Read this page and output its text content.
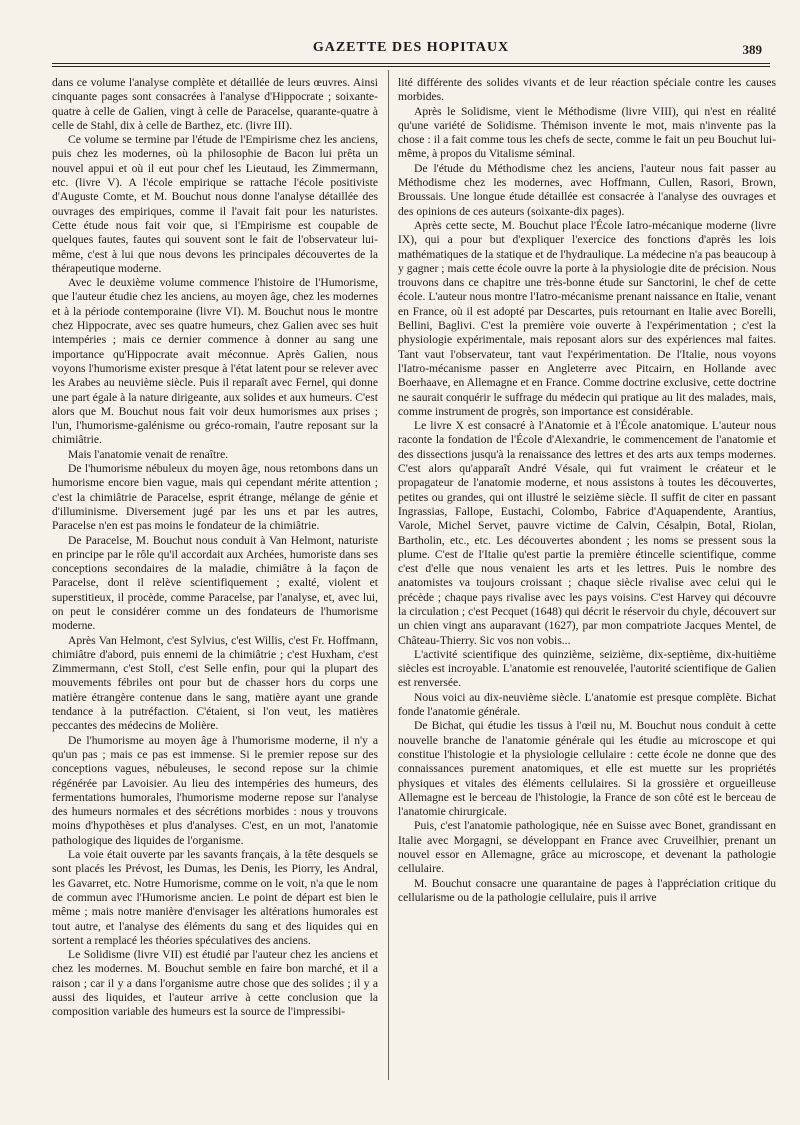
GAZETTE DES HOPITAUX	389

dans ce volume l'analyse complète et détaillée de leurs œuvres. Ainsi cinquante pages sont consacrées à l'analyse d'Hippocrate ; soixante-quatre à celle de Galien, vingt à celle de Paracelse, quarante-quatre à celle de Stahl, dix à celle de Barthez, etc. (livre III).

Ce volume se termine par l'étude de l'Empirisme chez les anciens, puis chez les modernes, où la philosophie de Bacon lui prêta un nouvel appui et où il eut pour chef les Lieutaud, les Zimmermann, etc. (livre V). A l'école empirique se rattache l'école positiviste d'Auguste Comte, et M. Bouchut nous donne l'analyse détaillée des ouvrages des empiriques, comme il l'avait fait pour les naturistes. Cette étude nous fait voir que, si l'Empirisme est coupable de quelques fautes, fautes qui souvent sont le fait de l'observateur lui-même, c'est à lui que nous devons les principales découvertes de la thérapeutique moderne.

Avec le deuxième volume commence l'histoire de l'Humorisme, que l'auteur étudie chez les anciens, au moyen âge, chez les modernes et à la période contemporaine (livre VI). M. Bouchut nous le montre chez Hippocrate, avec ses quatre humeurs, chez Galien avec ses huit intempéries ; mais ce dernier commence à donner au sang une importance qu'Hippocrate avait méconnue. Après Galien, nous voyons l'humorisme exister presque à l'état latent pour se relever avec les Arabes au neuvième siècle. Puis il reparaît avec Fernel, qui donne une part égale à la nature dirigeante, aux solides et aux humeurs. C'est alors que M. Bouchut nous fait voir deux humorismes aux prises ; l'un, l'humorisme-galénisme ou gréco-romain, l'autre reposant sur la chimiâtrie.

Mais l'anatomie venait de renaître.

De l'humorisme nébuleux du moyen âge, nous retombons dans un humorisme encore bien vague, mais qui cependant mérite attention ; c'est la chimiâtrie de Paracelse, esprit étrange, mélange de génie et d'illuminisme. Diversement jugé par les uns et par les autres, Paracelse n'en est pas moins le fondateur de la chimiâtrie.

De Paracelse, M. Bouchut nous conduit à Van Helmont, naturiste en principe par le rôle qu'il accordait aux Archées, humoriste dans ses conceptions secondaires de la maladie, chimiâtre à la façon de Paracelse, dont il relève scientifiquement ; exalté, violent et superstitieux, il procède, comme Paracelse, par l'analyse, et, avec lui, on peut le considérer comme un des fondateurs de l'humorisme moderne.

Après Van Helmont, c'est Sylvius, c'est Willis, c'est Fr. Hoffmann, chimiâtre d'abord, puis ennemi de la chimiâtrie ; c'est Huxham, c'est Zimmermann, c'est Stoll, c'est Selle enfin, pour qui la plupart des mouvements fébriles ont pour but de chasser hors du corps une matière étrangère contenue dans le sang, matière ayant une grande tendance à la putréfaction. C'étaient, si l'on veut, les matières peccantes des médecins de Molière.

De l'humorisme au moyen âge à l'humorisme moderne, il n'y a qu'un pas ; mais ce pas est immense. Si le premier repose sur des conceptions vagues, nébuleuses, le second repose sur la chimie régénérée par Lavoisier. Au lieu des intempéries des humeurs, des fermentations humorales, l'humorisme moderne repose sur l'analyse des humeurs normales et des sécrétions morbides : nous y trouvons moins d'hypothèses et plus d'analyses. C'est, en un mot, l'anatomie pathologique des liquides de l'organisme.

La voie était ouverte par les savants français, à la tête desquels se sont placés les Prévost, les Dumas, les Denis, les Piorry, les Andral, les Gavarret, etc. Notre Humorisme, comme on le voit, n'a que le nom de commun avec l'Humorisme ancien. Le point de départ est bien le même ; mais notre manière d'envisager les altérations humorales est tout autre, et l'analyse des éléments du sang et des liquides qui en sortent a remplacé les théories spéculatives des anciens.

Le Solidisme (livre VII) est étudié par l'auteur chez les anciens et chez les modernes. M. Bouchut semble en faire bon marché, et il a raison ; car il y a dans l'organisme autre chose que des solides ; il y a aussi des liquides, et l'auteur arrive à cette conclusion que la composition variable des humeurs est la source de l'impressibi-

lité différente des solides vivants et de leur réaction spéciale contre les causes morbides.

Après le Solidisme, vient le Méthodisme (livre VIII), qui n'est en réalité qu'une variété de Solidisme. Thémison invente le mot, mais n'invente pas la chose : il a fait comme tous les chefs de secte, comme le fait un peu Bouchut lui-même, à propos du Vitalisme séminal.

De l'étude du Méthodisme chez les anciens, l'auteur nous fait passer au Méthodisme chez les modernes, avec Hoffmann, Cullen, Rasori, Brown, Broussais. Une longue étude détaillée est consacrée à l'analyse des ouvrages et des opinions de ces auteurs (soixante-dix pages).

Après cette secte, M. Bouchut place l'École Iatro-mécanique moderne (livre IX), qui a pour but d'expliquer l'exercice des fonctions d'après les lois mathématiques de la statique et de l'hydraulique. La médecine n'a pas beaucoup à y gagner ; mais cette école ouvre la porte à la physiologie dite de précision. Nous trouvons dans ce chapitre une très-bonne étude sur Sanctorini, le chef de cette école. L'auteur nous montre l'Iatro-mécanisme prenant naissance en Italie, venant en France, où il est adopté par Descartes, puis retournant en Italie avec Borelli, Bellini, Baglivi. C'est la première voie ouverte à l'expérimentation ; c'est la physiologie expérimentale, mais reposant alors sur des expériences mal faites. Tant vaut l'observateur, tant vaut l'expérimentation. De l'Italie, nous voyons l'Iatro-mécanisme passer en Angleterre avec Pitcairn, en Hollande avec Boerhaave, en Allemagne et en France. Comme doctrine exclusive, cette doctrine ne saurait conquérir le suffrage du médecin qui pratique au lit des malades, mais, comme instrument de progrès, son importance est considérable.

Le livre X est consacré à l'Anatomie et à l'École anatomique. L'auteur nous raconte la fondation de l'École d'Alexandrie, le commencement de l'anatomie et des dissections jusqu'à la renaissance des lettres et des arts aux temps modernes. C'est alors qu'apparaît André Vésale, qui fut vraiment le créateur et le propagateur de l'anatomie moderne, et nous assistons à toutes les découvertes, petites ou grandes, qui ont illustré le seizième siècle. Il suffit de citer en passant Ingrassias, Fallope, Eustachi, Colombo, Fabrice d'Aquapendente, Arantius, Varole, Michel Servet, pauvre victime de Calvin, Césalpin, Botal, Riolan, Bartholin, etc., etc. Les découvertes abondent ; les noms se pressent sous la plume. C'est de l'Italie qu'est partie la première étincelle scientifique, comme c'est d'elle que nous venaient les arts et les lettres. Puis le nombre des anatomistes va toujours croissant ; chaque siècle rivalise avec celui qui le précède ; chaque pays rivalise avec les pays voisins. C'est Harvey qui découvre la circulation ; c'est Pecquet (1648) qui décrit le réservoir du chyle, découvert sur un chien vingt ans auparavant (1627), par mon compatriote Jacques Mentel, de Château-Thierry. Sic vos non vobis...

L'activité scientifique des quinzième, seizième, dix-septième, dix-huitième siècles est incroyable. L'anatomie est renouvelée, l'autorité scientifique de Galien est renversée.

Nous voici au dix-neuvième siècle. L'anatomie est presque complète. Bichat fonde l'anatomie générale.

De Bichat, qui étudie les tissus à l'œil nu, M. Bouchut nous conduit à cette nouvelle branche de l'anatomie générale qui les étudie au microscope et qui constitue l'histologie et la physiologie cellulaire : cette école ne donne que des connaissances purement anatomiques, et elle est muette sur les propriétés physiques et vitales des éléments cellulaires. Si la grossière et orgueilleuse Allemagne est le berceau de l'histologie, la France de son côté est le berceau de l'anatomie chirurgicale.

Puis, c'est l'anatomie pathologique, née en Suisse avec Bonet, grandissant en Italie avec Morgagni, se développant en France avec Cruveilhier, prenant un nouvel essor en Allemagne, grâce au microscope, et devenant la pathologie cellulaire.

M. Bouchut consacre une quarantaine de pages à l'appréciation critique du cellularisme ou de la pathologie cellulaire, puis il arrive
